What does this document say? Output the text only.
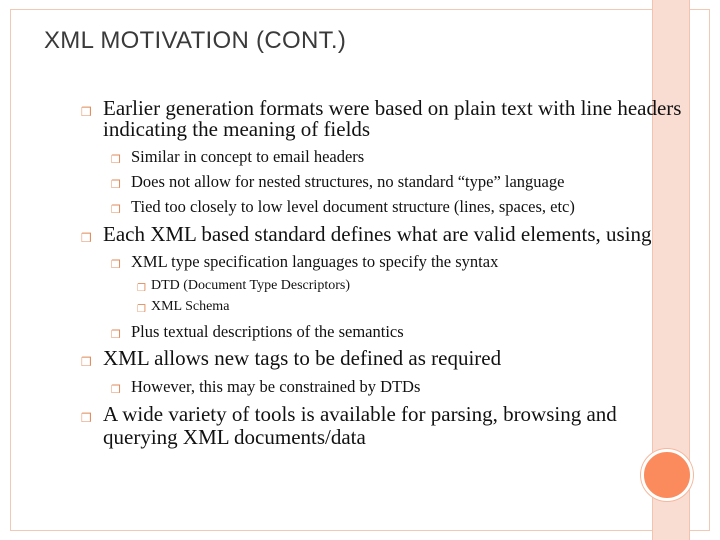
XML MOTIVATION (CONT.)
❒ Earlier generation formats were based on plain text with line headers
indicating the meaning of fields
❒ Similar in concept to email headers
❒ Does not allow for nested structures, no standard “type” language
❒ Tied too closely to low level document structure (lines, spaces, etc)
❒ Each XML based standard defines what are valid elements, using
❒ XML type specification languages to specify the syntax
❒ DTD (Document Type Descriptors)
❒ XML Schema
❒ Plus textual descriptions of the semantics
❒ XML allows new tags to be defined as required
❒ However, this may be constrained by DTDs
❒ A wide variety of tools is available for parsing, browsing and
querying XML documents/data
